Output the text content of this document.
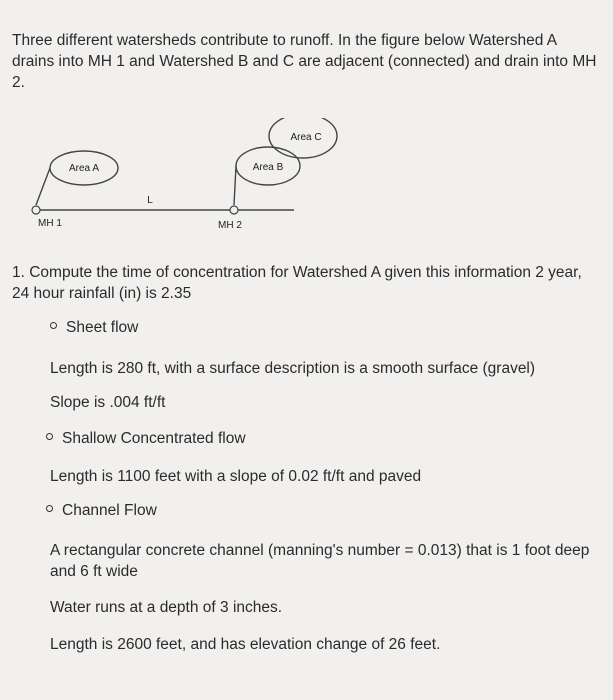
Three different watersheds contribute to runoff. In the figure below Watershed A drains into MH 1 and Watershed B and C are adjacent (connected) and drain into MH 2.

Area A	Area B
Area C
L
MH 1	MH 2

1. Compute the time of concentration for Watershed A given this information 2 year, 24 hour rainfall (in) is 2.35

Sheet flow

Length is 280 ft, with a surface description is a smooth surface (gravel)

Slope is .004 ft/ft

Shallow Concentrated flow

Length is 1100 feet with a slope of 0.02 ft/ft and paved

Channel Flow

A rectangular concrete channel (manning's number = 0.013) that is 1 foot deep and 6 ft wide

Water runs at a depth of 3 inches.

Length is 2600 feet, and has elevation change of 26 feet.
